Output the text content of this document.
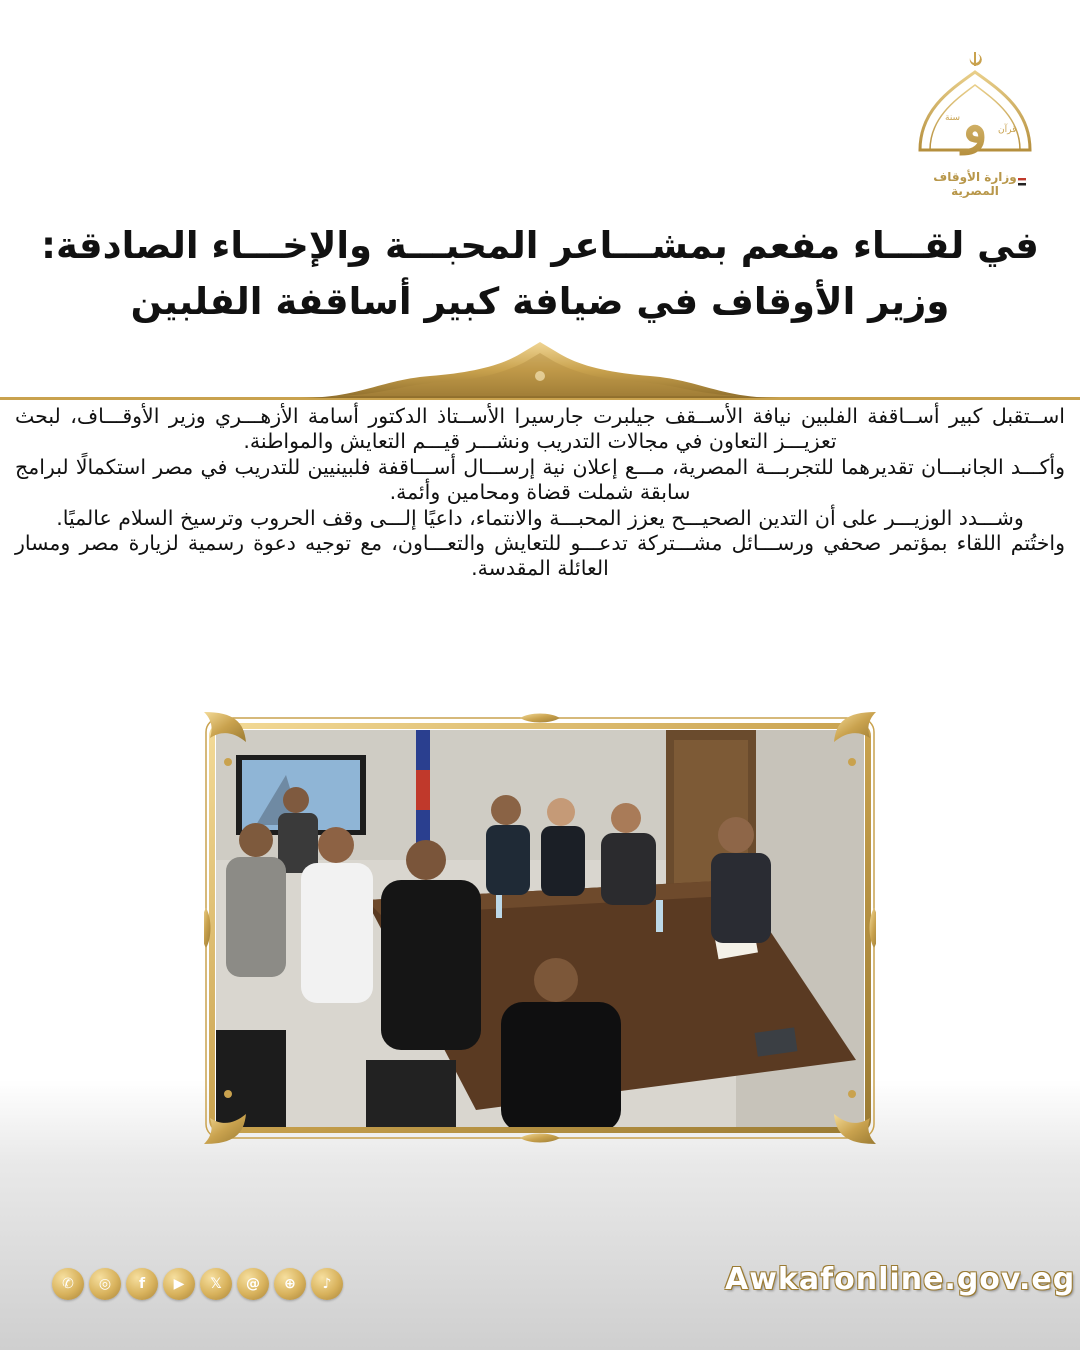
و
سنة
قرآن
وزارة الأوقاف المصرية
في لقـــاء مفعم بمشـــاعر المحبـــة والإخـــاء الصادقة:
وزير الأوقاف في ضيافة كبير أساقفة الفلبين

اســتقبل كبير أســاقفة الفلبين نيافة الأســقف جيلبرت جارسيرا الأســتاذ الدكتور أسامة الأزهـــري وزير الأوقـــاف، لبحث تعزيـــز التعاون في مجالات التدريب ونشـــر قيـــم التعايش والمواطنة.

وأكـــد الجانبـــان تقديرهما للتجربـــة المصرية، مـــع إعلان نية إرســـال أســـاقفة فلبينيين للتدريب في مصر استكمالًا لبرامج سابقة شملت قضاة ومحامين وأئمة.

وشـــدد الوزيـــر على أن التدين الصحيـــح يعزز المحبـــة والانتماء، داعيًا إلـــى وقف الحروب وترسيخ السلام عالميًا.

واختُتم اللقاء بمؤتمر صحفي ورســـائل مشـــتركة تدعـــو للتعايش والتعـــاون، مع توجيه دعوة رسمية لزيارة مصر ومسار العائلة المقدسة.

✆	◎	f	▶	𝕏	@	⊕	♪	Awkafonline.gov.eg
